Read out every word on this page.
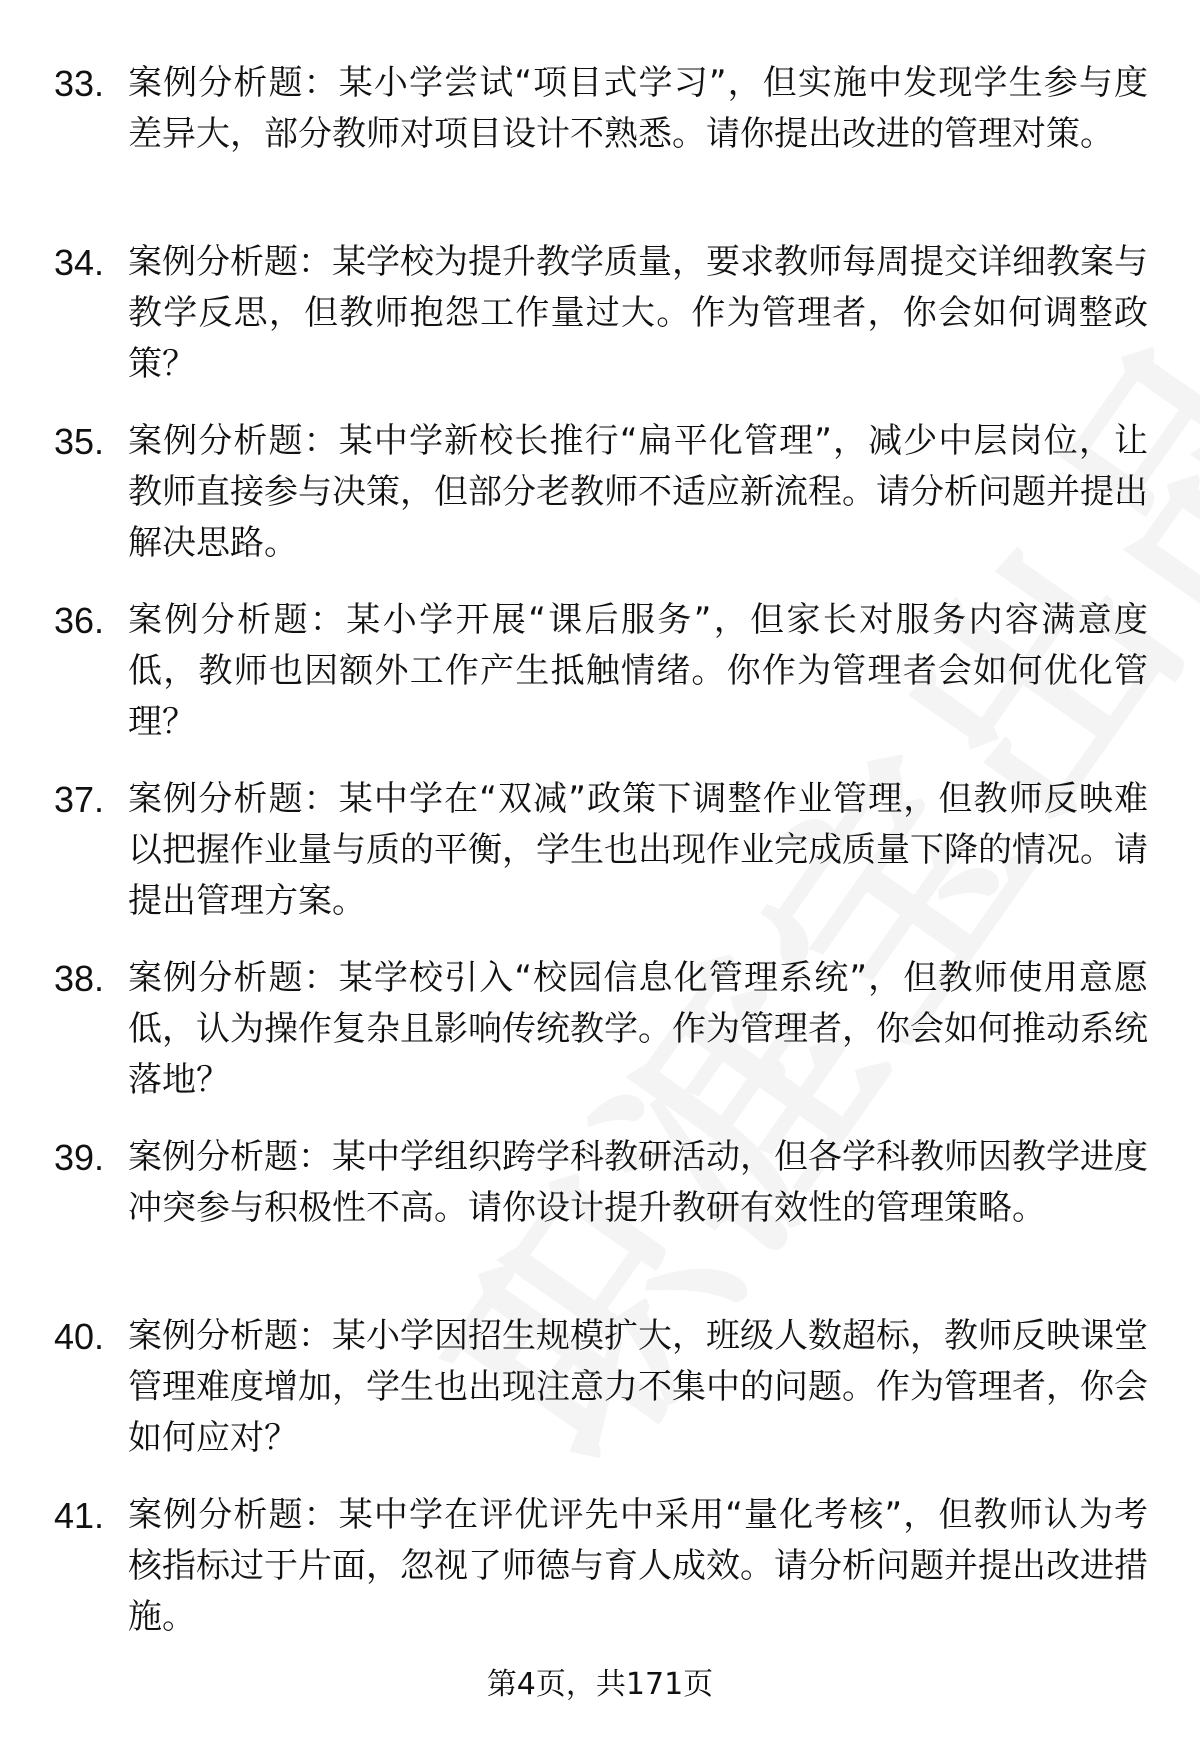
33. 案例分析题：某小学尝试“项目式学习”，但实施中发现学生参与度差异大，部分教师对项目设计不熟悉。请你提出改进的管理对策。
34. 案例分析题：某学校为提升教学质量，要求教师每周提交详细教案与教学反思，但教师抱怨工作量过大。作为管理者，你会如何调整政策？
35. 案例分析题：某中学新校长推行“扁平化管理”，减少中层岗位，让教师直接参与决策，但部分老教师不适应新流程。请分析问题并提出解决思路。
36. 案例分析题：某小学开展“课后服务”，但家长对服务内容满意度低，教师也因额外工作产生抵触情绪。你作为管理者会如何优化管理？
37. 案例分析题：某中学在“双减”政策下调整作业管理，但教师反映难以把握作业量与质的平衡，学生也出现作业完成质量下降的情况。请提出管理方案。
38. 案例分析题：某学校引入“校园信息化管理系统”，但教师使用意愿低，认为操作复杂且影响传统教学。作为管理者，你会如何推动系统落地？
39. 案例分析题：某中学组织跨学科教研活动，但各学科教师因教学进度冲突参与积极性不高。请你设计提升教研有效性的管理策略。
40. 案例分析题：某小学因招生规模扩大，班级人数超标，教师反映课堂管理难度增加，学生也出现注意力不集中的问题。作为管理者，你会如何应对？
41. 案例分析题：某中学在评优评先中采用“量化考核”，但教师认为考核指标过于片面，忽视了师德与育人成效。请分析问题并提出改进措施。
第4页，共171页
